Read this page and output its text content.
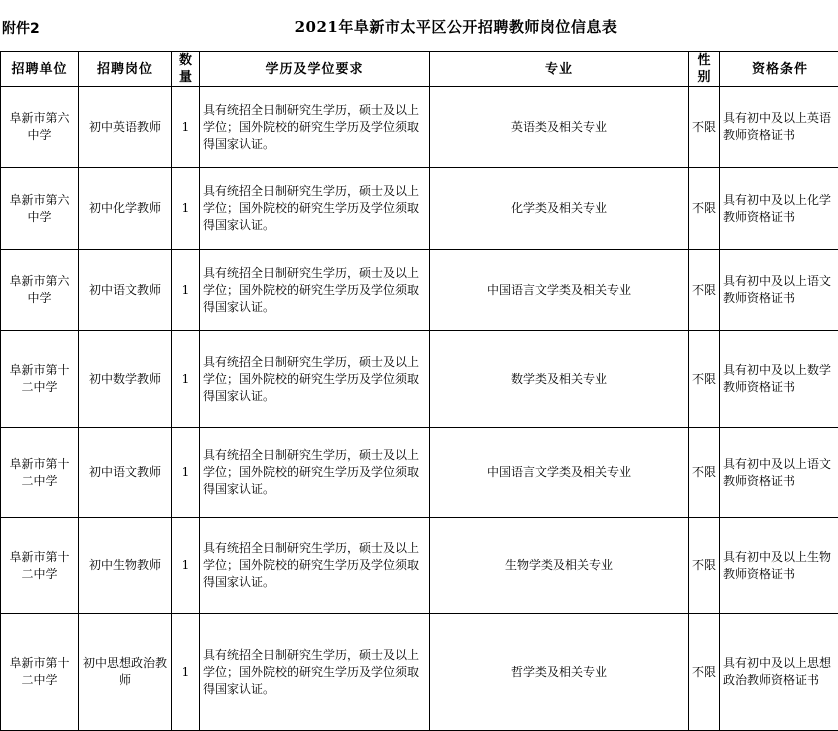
附件2	2021年阜新市太平区公开招聘教师岗位信息表
招聘单位	招聘岗位	数量	学历及学位要求	专业	性别	资格条件
阜新市第六中学	初中英语教师	1	具有统招全日制研究生学历，硕士及以上学位；国外院校的研究生学历及学位须取得国家认证。	英语类及相关专业	不限	具有初中及以上英语教师资格证书
阜新市第六中学	初中化学教师	1	具有统招全日制研究生学历，硕士及以上学位；国外院校的研究生学历及学位须取得国家认证。	化学类及相关专业	不限	具有初中及以上化学教师资格证书
阜新市第六中学	初中语文教师	1	具有统招全日制研究生学历，硕士及以上学位；国外院校的研究生学历及学位须取得国家认证。	中国语言文学类及相关专业	不限	具有初中及以上语文教师资格证书
阜新市第十二中学	初中数学教师	1	具有统招全日制研究生学历，硕士及以上学位；国外院校的研究生学历及学位须取得国家认证。	数学类及相关专业	不限	具有初中及以上数学教师资格证书
阜新市第十二中学	初中语文教师	1	具有统招全日制研究生学历，硕士及以上学位；国外院校的研究生学历及学位须取得国家认证。	中国语言文学类及相关专业	不限	具有初中及以上语文教师资格证书
阜新市第十二中学	初中生物教师	1	具有统招全日制研究生学历，硕士及以上学位；国外院校的研究生学历及学位须取得国家认证。	生物学类及相关专业	不限	具有初中及以上生物教师资格证书
阜新市第十二中学	初中思想政治教师	1	具有统招全日制研究生学历，硕士及以上学位；国外院校的研究生学历及学位须取得国家认证。	哲学类及相关专业	不限	具有初中及以上思想政治教师资格证书
